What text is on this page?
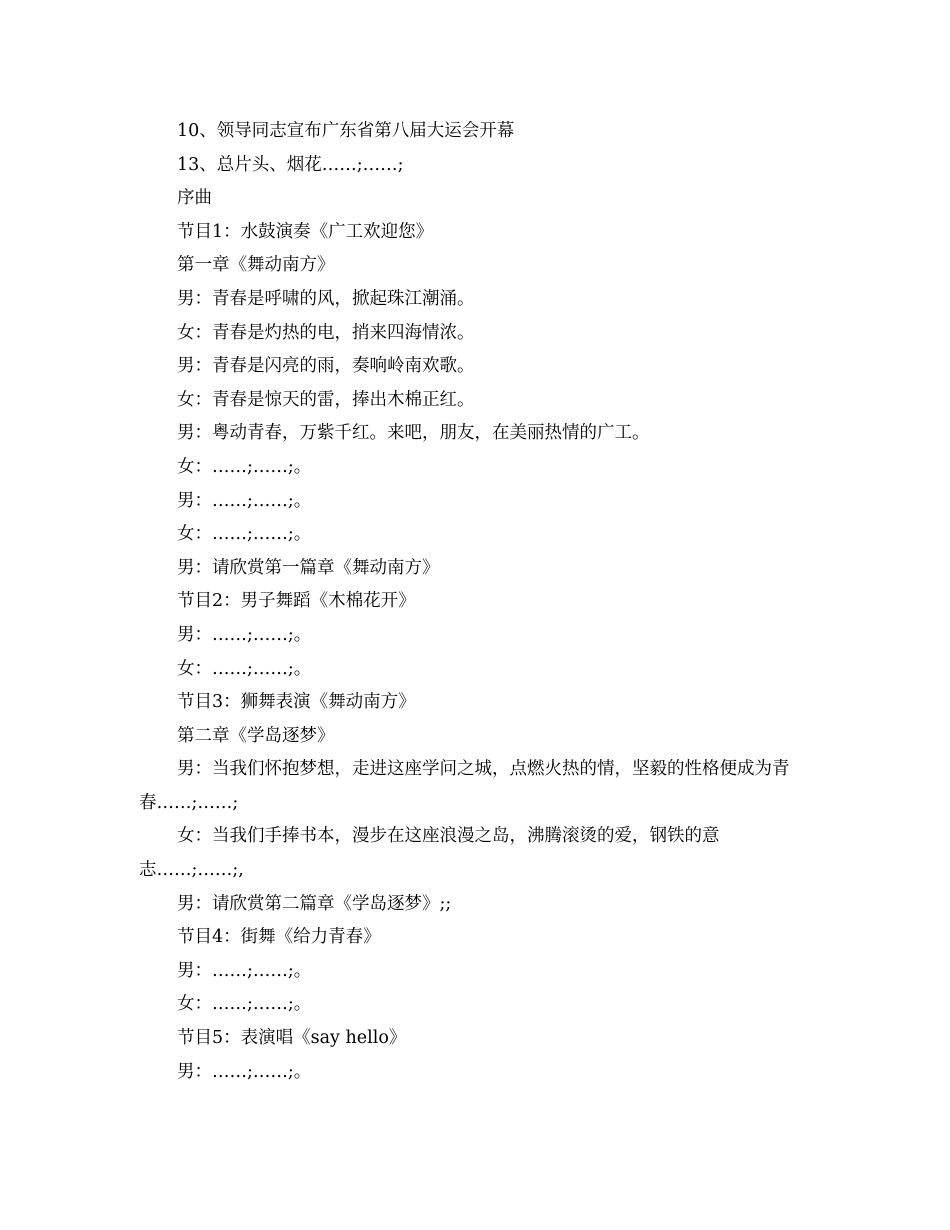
10、领导同志宣布广东省第八届大运会开幕
13、总片头、烟花……;……;
序曲
节目1：水鼓演奏《广工欢迎您》
第一章《舞动南方》
男：青春是呼啸的风，掀起珠江潮涌。
女：青春是灼热的电，捎来四海情浓。
男：青春是闪亮的雨，奏响岭南欢歌。
女：青春是惊天的雷，捧出木棉正红。
男：粤动青春，万紫千红。来吧，朋友，在美丽热情的广工。
女：……;……;。
男：……;……;。
女：……;……;。
男：请欣赏第一篇章《舞动南方》
节目2：男子舞蹈《木棉花开》
男：……;……;。
女：……;……;。
节目3：狮舞表演《舞动南方》
第二章《学岛逐梦》
男：当我们怀抱梦想，走进这座学问之城，点燃火热的情，坚毅的性格便成为青春……;……;
女：当我们手捧书本，漫步在这座浪漫之岛，沸腾滚烫的爱，钢铁的意志……;……;,
男：请欣赏第二篇章《学岛逐梦》;;
节目4：街舞《给力青春》
男：……;……;。
女：……;……;。
节目5：表演唱《say hello》
男：……;……;。
